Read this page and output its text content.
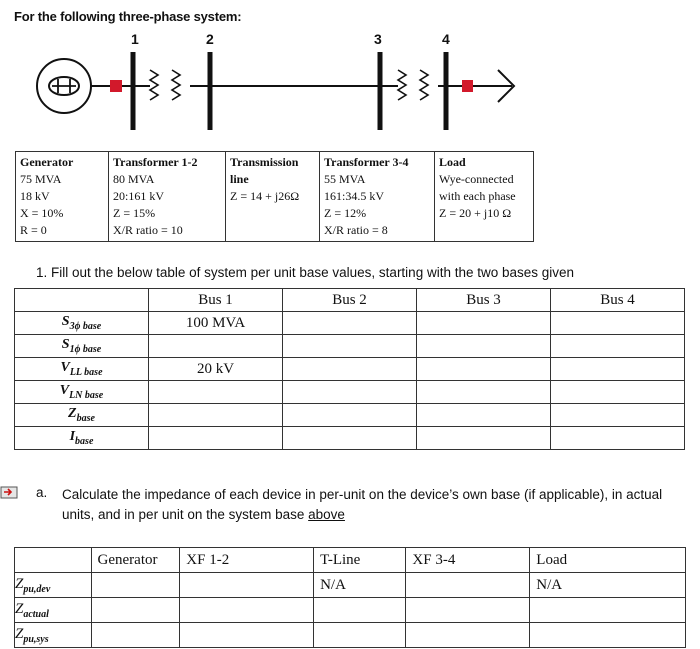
For the following three-phase system:
1	2	3	4
Generator
75 MVA
18 kV
X = 10%
R = 0

Transformer 1-2
80 MVA
20:161 kV
Z = 15%
X/R ratio = 10

Transmission
line
Z = 14 + j26Ω

Transformer 3-4
55 MVA
161:34.5 kV
Z = 12%
X/R ratio = 8

Load
Wye-connected
with each phase
Z = 20 + j10 Ω
1. Fill out the below table of system per unit base values, starting with the two bases given
	Bus 1	Bus 2	Bus 3	Bus 4
$S_{3\phi base}$	100 MVA			
$S_{1\phi base}$				
$V_{LL base}$	20 kV			
$V_{LN base}$				
$Z_{base}$				
$I_{base}$				
a. Calculate the impedance of each device in per-unit on the device’s own base (if applicable), in actual units, and in per unit on the system base above
	Generator	XF 1-2	T-Line	XF 3-4	Load
$Z_{pu,dev}$			N/A		N/A
$Z_{actual}$					
$Z_{pu,sys}$					
